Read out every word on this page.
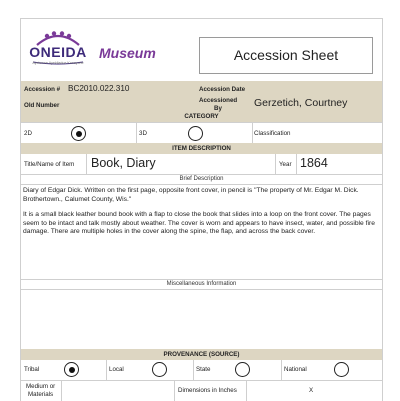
ONEIDA
Ayelunwe Ayeldiadue Kanayuhe
Museum	Accession Sheet
Accession # BC2010.022.310	Accession Date
Old Number
Accessioned
By	Gerzetich, Courtney
CATEGORY
2D	3D	Classification
ITEM DESCRIPTION
Title/Name of Item Book, Diary	Year 1864
Brief Description

Diary of Edgar Dick. Written on the first page, opposite front cover, in pencil is "The property of Mr. Edgar M. Dick. Brothertown., Calumet County, Wis."

It is a small black leather bound book with a flap to close the book that slides into a loop on the front cover. The pages seem to be intact and talk mostly about weather. The cover is worn and appears to have insect, water, and possible fire damage. There are multiple holes in the cover along the spine, the flap, and across the back cover.

Miscellaneous Information
PROVENANCE (SOURCE)
Tribal	Local	State	National
Medium or
Materials
Dimensions in Inches	X
